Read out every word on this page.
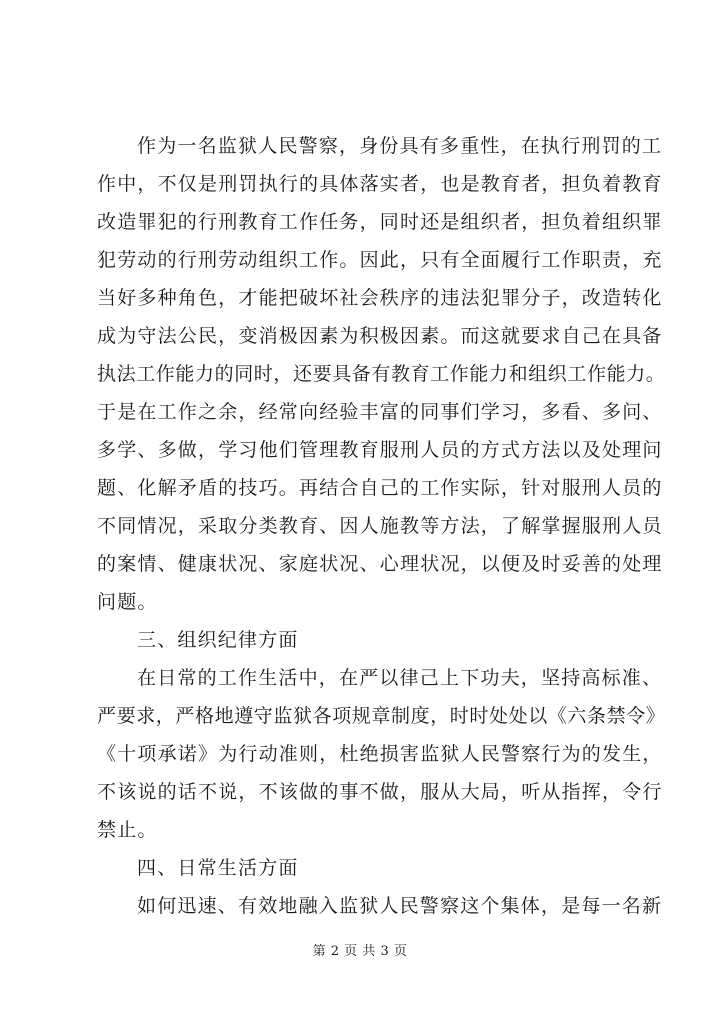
作为一名监狱人民警察，身份具有多重性，在执行刑罚的工
作中，不仅是刑罚执行的具体落实者，也是教育者，担负着教育
改造罪犯的行刑教育工作任务，同时还是组织者，担负着组织罪
犯劳动的行刑劳动组织工作。因此，只有全面履行工作职责，充
当好多种角色，才能把破坏社会秩序的违法犯罪分子，改造转化
成为守法公民，变消极因素为积极因素。而这就要求自己在具备
执法工作能力的同时，还要具备有教育工作能力和组织工作能力。
于是在工作之余，经常向经验丰富的同事们学习，多看、多问、
多学、多做，学习他们管理教育服刑人员的方式方法以及处理问
题、化解矛盾的技巧。再结合自己的工作实际，针对服刑人员的
不同情况，采取分类教育、因人施教等方法，了解掌握服刑人员
的案情、健康状况、家庭状况、心理状况，以便及时妥善的处理
问题。
三、组织纪律方面
在日常的工作生活中，在严以律己上下功夫，坚持高标准、
严要求，严格地遵守监狱各项规章制度，时时处处以《六条禁令》
《十项承诺》为行动准则，杜绝损害监狱人民警察行为的发生，
不该说的话不说，不该做的事不做，服从大局，听从指挥，令行
禁止。
四、日常生活方面
如何迅速、有效地融入监狱人民警察这个集体，是每一名新
第 2 页 共 3 页
